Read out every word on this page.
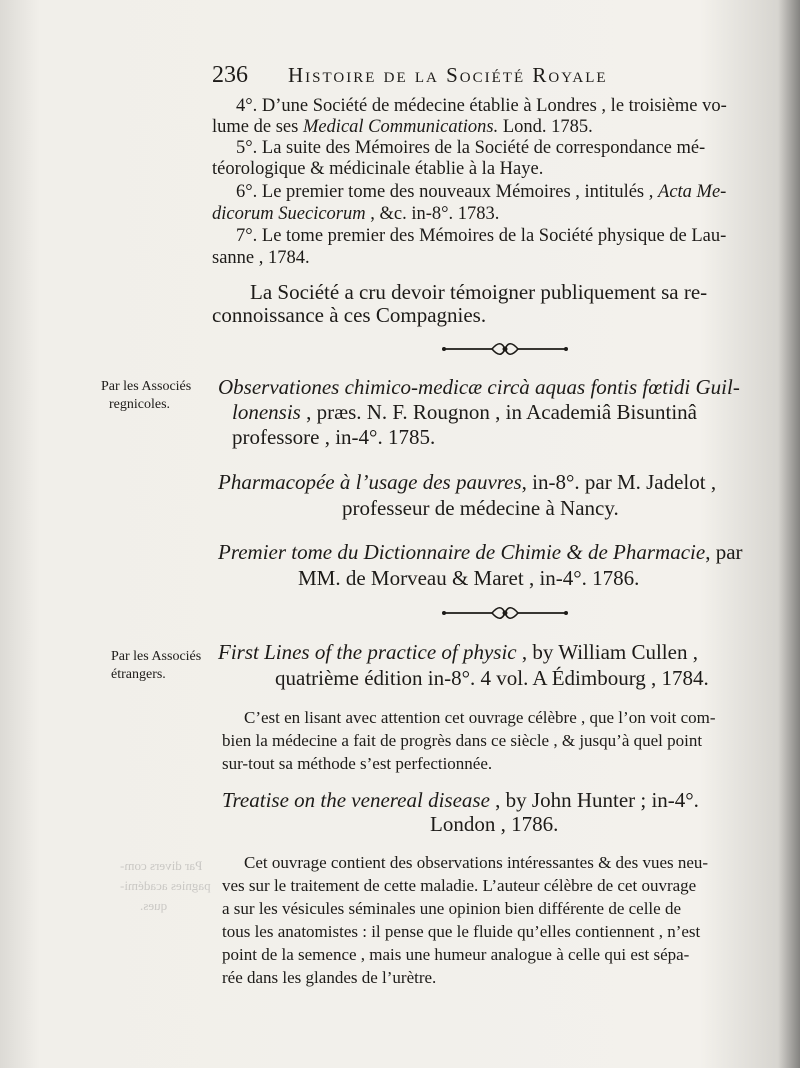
Par divers com-
pagnies académi-
ques.
236 Histoire de la Société Royale
4°. D’une Société de médecine établie à Londres , le troisième vo-
lume de ses Medical Communications. Lond. 1785.
5°. La suite des Mémoires de la Société de correspondance mé-
téorologique & médicinale établie à la Haye.
6°. Le premier tome des nouveaux Mémoires , intitulés , Acta Me-
dicorum Suecicorum , &c. in-8°. 1783.
7°. Le tome premier des Mémoires de la Société physique de Lau-
sanne , 1784.
La Société a cru devoir témoigner publiquement sa re-
connoissance à ces Compagnies.
Par les Associés
regnicoles.
Observationes chimico-medicæ circà aquas fontis fœtidi Guil-
lonensis , præs. N. F. Rougnon , in Academiâ Bisuntinâ
professore , in-4°. 1785.
Pharmacopée à l’usage des pauvres, in-8°. par M. Jadelot ,
professeur de médecine à Nancy.
Premier tome du Dictionnaire de Chimie & de Pharmacie, par
MM. de Morveau & Maret , in-4°. 1786.
Par les Associés
étrangers.
First Lines of the practice of physic , by William Cullen ,
quatrième édition in-8°. 4 vol. A Édimbourg , 1784.
C’est en lisant avec attention cet ouvrage célèbre , que l’on voit com-
bien la médecine a fait de progrès dans ce siècle , & jusqu’à quel point
sur-tout sa méthode s’est perfectionnée.
Treatise on the venereal disease , by John Hunter ; in-4°.
London , 1786.
Cet ouvrage contient des observations intéressantes & des vues neu-
ves sur le traitement de cette maladie. L’auteur célèbre de cet ouvrage
a sur les vésicules séminales une opinion bien différente de celle de
tous les anatomistes : il pense que le fluide qu’elles contiennent , n’est
point de la semence , mais une humeur analogue à celle qui est sépa-
rée dans les glandes de l’urètre.
